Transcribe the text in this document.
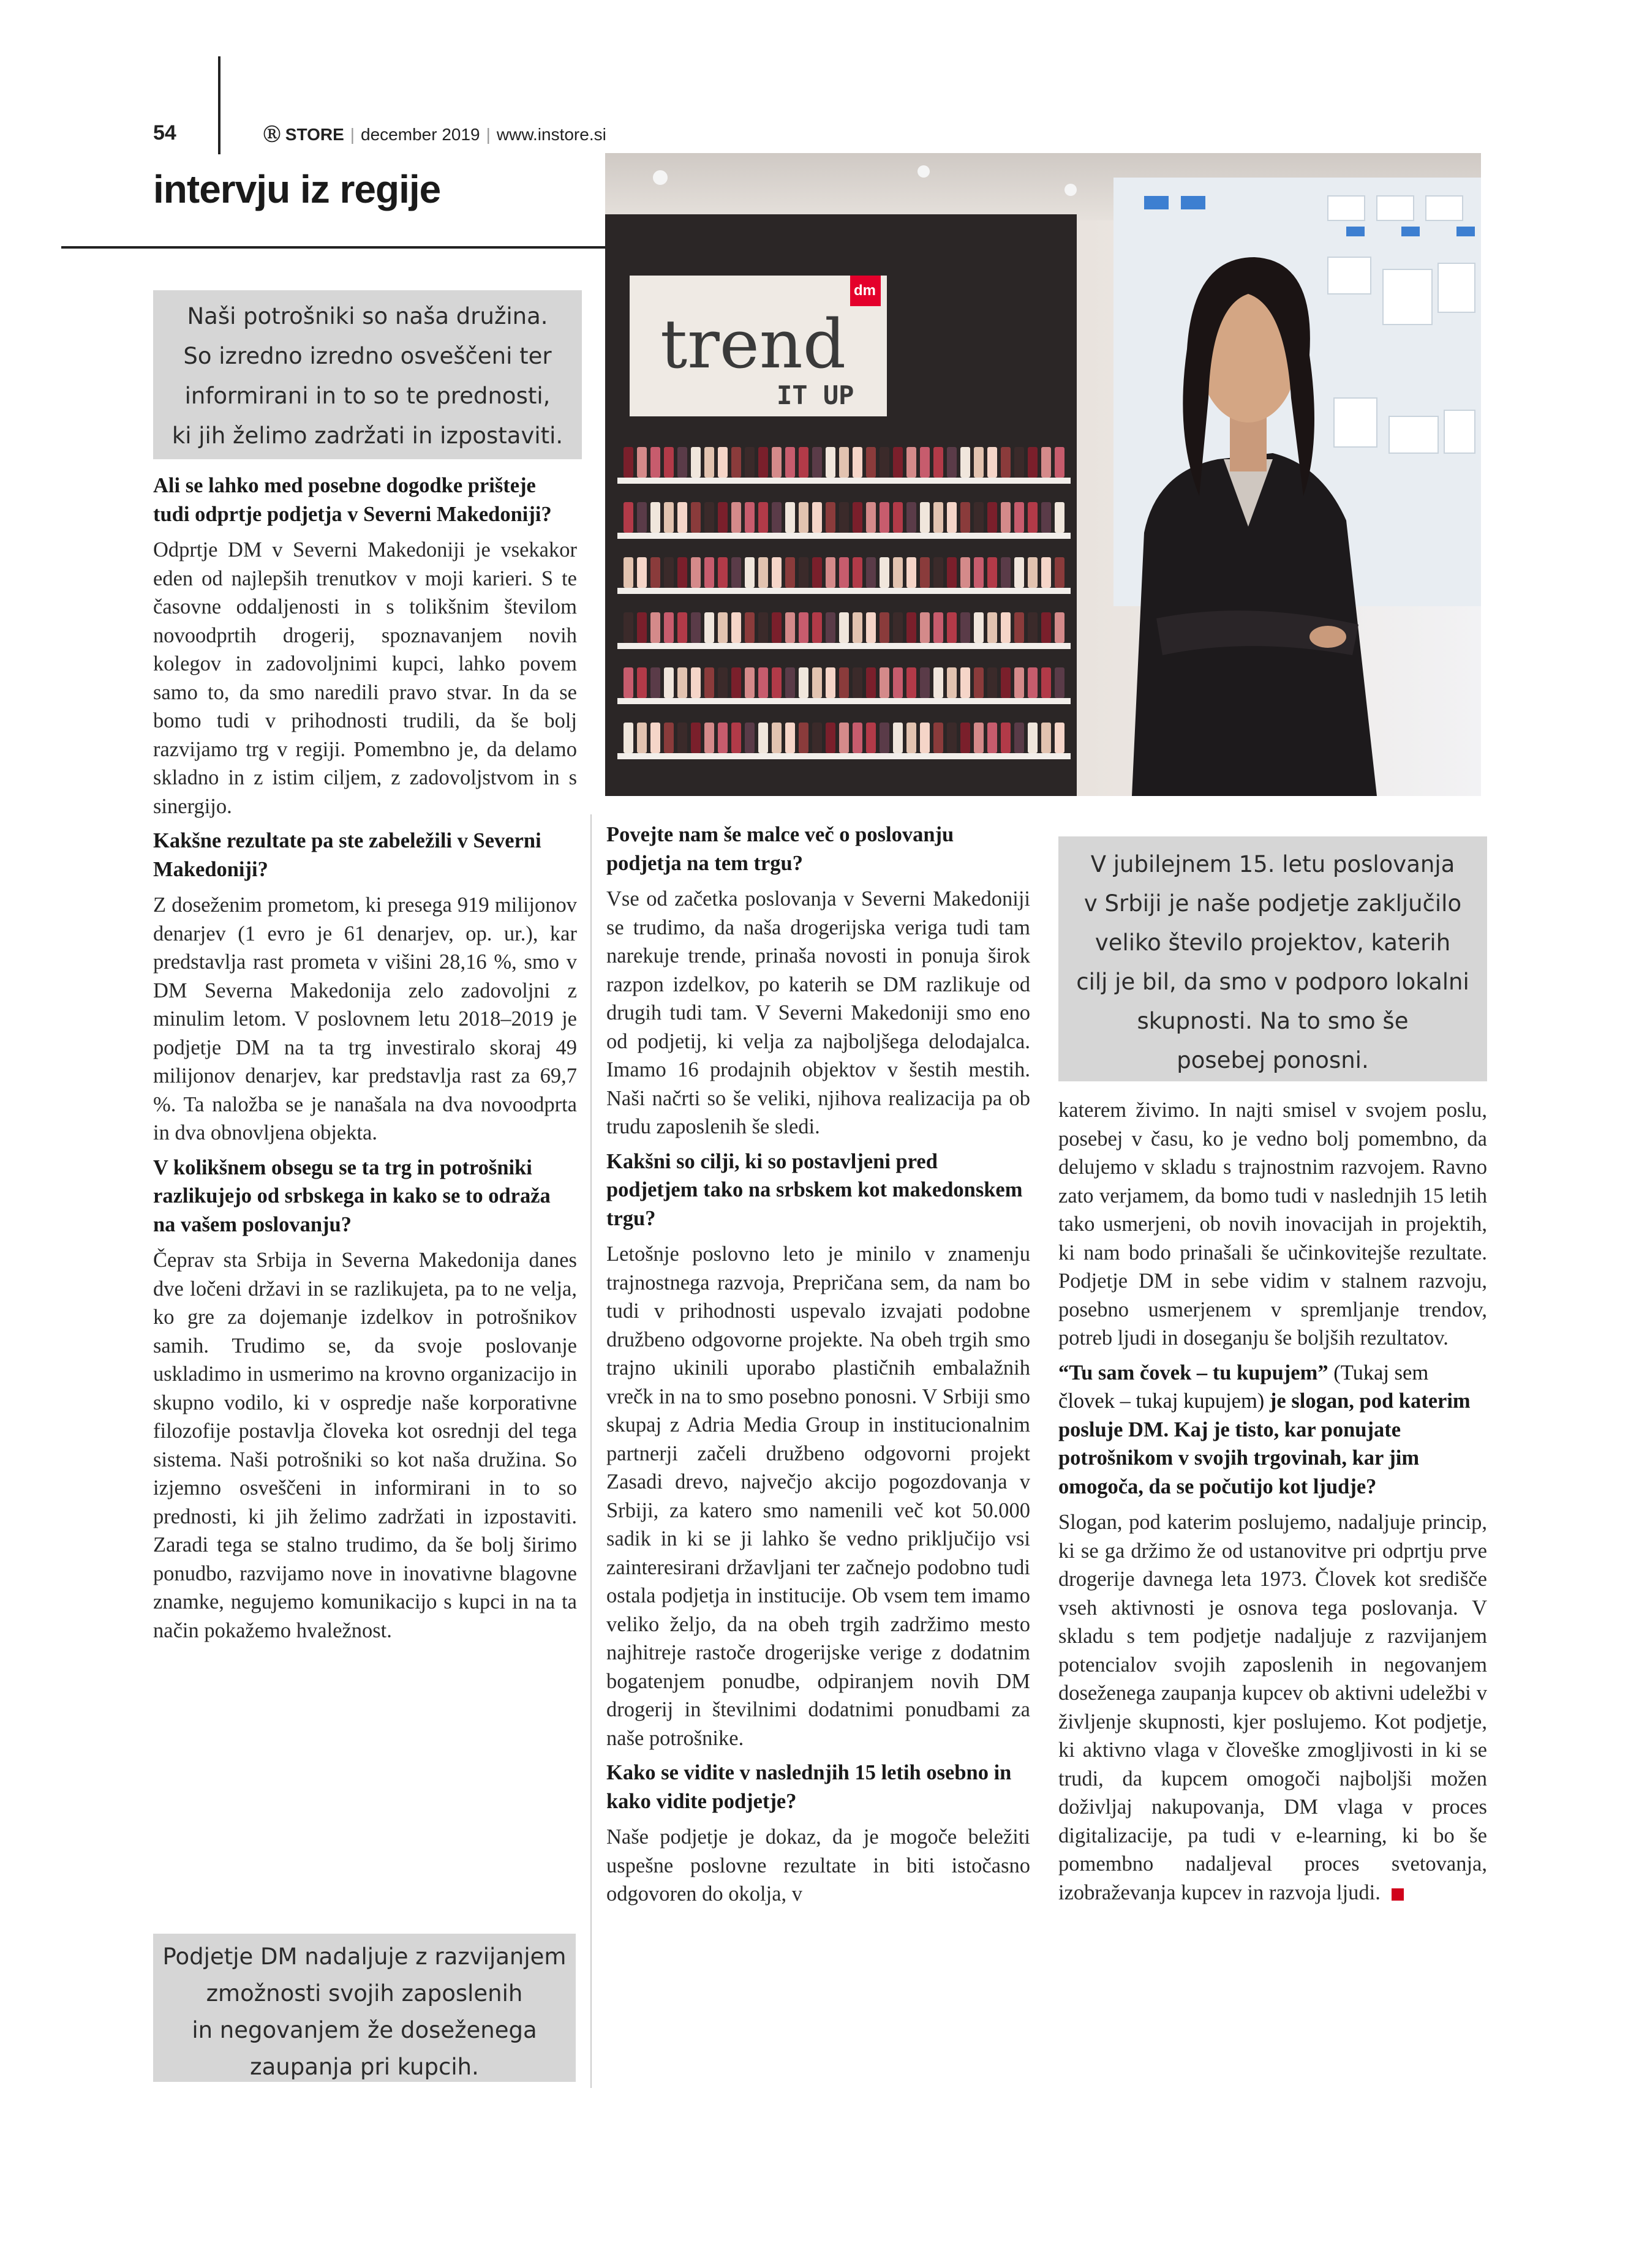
54	Ⓡ STORE | december 2019 | www.instore.si
intervju iz regije
trend
IT UP
dm
Naši potrošniki so naša družina.
So izredno izredno osveščeni ter
informirani in to so te prednosti,
ki jih želimo zadržati in izpostaviti.
Podjetje DM nadaljuje z razvijanjem
zmožnosti svojih zaposlenih
in negovanjem že doseženega
zaupanja pri kupcih.
V jubilejnem 15. letu poslovanja
v Srbiji je naše podjetje zaključilo
veliko število projektov, katerih
cilj je bil, da smo v podporo lokalni
skupnosti. Na to smo še
posebej ponosni.

Ali se lahko med posebne dogodke prišteje tudi odprtje podjetja v Severni Makedoniji?

Odprtje DM v Severni Makedoniji je vsekakor eden od najlepših trenutkov v moji karieri. S te časovne oddaljenosti in s tolikšnim številom novoodprtih drogerij, spoznavanjem novih kolegov in zadovoljnimi kupci, lahko povem samo to, da smo naredili pravo stvar. In da se bomo tudi v prihodnosti trudili, da še bolj razvijamo trg v regiji. Pomembno je, da delamo skladno in z istim ciljem, z zadovoljstvom in s sinergijo.

Kakšne rezultate pa ste zabeležili v Severni Makedoniji?

Z doseženim prometom, ki presega 919 milijonov denarjev (1 evro je 61 denarjev, op. ur.), kar predstavlja rast prometa v višini 28,16 %, smo v DM Severna Makedonija zelo zadovoljni z minulim letom. V poslovnem letu 2018–2019 je podjetje DM na ta trg investiralo skoraj 49 milijonov denarjev, kar predstavlja rast za 69,7 %. Ta naložba se je nanašala na dva novoodprta in dva obnovljena objekta.

V kolikšnem obsegu se ta trg in potrošniki razlikujejo od srbskega in kako se to odraža na vašem poslovanju?

Čeprav sta Srbija in Severna Makedonija danes dve ločeni državi in se razlikujeta, pa to ne velja, ko gre za dojemanje izdelkov in potrošnikov samih. Trudimo se, da svoje poslovanje uskladimo in usmerimo na krovno organizacijo in skupno vodilo, ki v ospredje naše korporativne filozofije postavlja človeka kot osrednji del tega sistema. Naši potrošniki so kot naša družina. So izjemno osveščeni in informirani in to so prednosti, ki jih želimo zadržati in izpostaviti. Zaradi tega se stalno trudimo, da še bolj širimo ponudbo, razvijamo nove in inovativne blagovne znamke, negujemo komunikacijo s kupci in na ta način pokažemo hvaležnost.

Povejte nam še malce več o poslovanju podjetja na tem trgu?

Vse od začetka poslovanja v Severni Makedoniji se trudimo, da naša drogerijska veriga tudi tam narekuje trende, prinaša novosti in ponuja širok razpon izdelkov, po katerih se DM razlikuje od drugih tudi tam. V Severni Makedoniji smo eno od podjetij, ki velja za najboljšega delodajalca. Imamo 16 prodajnih objektov v šestih mestih. Naši načrti so še veliki, njihova realizacija pa ob trudu zaposlenih še sledi.

Kakšni so cilji, ki so postavljeni pred podjetjem tako na srbskem kot makedonskem trgu?

Letošnje poslovno leto je minilo v znamenju trajnostnega razvoja, Prepričana sem, da nam bo tudi v prihodnosti uspevalo izvajati podobne družbeno odgovorne projekte. Na obeh trgih smo trajno ukinili uporabo plastičnih embalažnih vrečk in na to smo posebno ponosni. V Srbiji smo skupaj z Adria Media Group in institucionalnim partnerji začeli družbeno odgovorni projekt Zasadi drevo, največjo akcijo pogozdovanja v Srbiji, za katero smo namenili več kot 50.000 sadik in ki se ji lahko še vedno priključijo vsi zainteresirani državljani ter začnejo podobno tudi ostala podjetja in institucije. Ob vsem tem imamo veliko željo, da na obeh trgih zadržimo mesto najhitreje rastoče drogerijske verige z dodatnim bogatenjem ponudbe, odpiranjem novih DM drogerij in številnimi dodatnimi ponudbami za naše potrošnike.

Kako se vidite v naslednjih 15 letih osebno in kako vidite podjetje?

Naše podjetje je dokaz, da je mogoče beležiti uspešne poslovne rezultate in biti istočasno odgovoren do okolja, v

katerem živimo. In najti smisel v svojem poslu, posebej v času, ko je vedno bolj pomembno, da delujemo v skladu s trajnostnim razvojem. Ravno zato verjamem, da bomo tudi v naslednjih 15 letih tako usmerjeni, ob novih inovacijah in projektih, ki nam bodo prinašali še učinkovitejše rezultate. Podjetje DM in sebe vidim v stalnem razvoju, posebno usmerjenem v spremljanje trendov, potreb ljudi in doseganju še boljših rezultatov.

“Tu sam čovek – tu kupujem” (Tukaj sem človek – tukaj kupujem) je slogan, pod katerim posluje DM. Kaj je tisto, kar ponujate potrošnikom v svojih trgovinah, kar jim omogoča, da se počutijo kot ljudje?

Slogan, pod katerim poslujemo, nadaljuje princip, ki se ga držimo že od ustanovitve pri odprtju prve drogerije davnega leta 1973. Človek kot središče vseh aktivnosti je osnova tega poslovanja. V skladu s tem podjetje nadaljuje z razvijanjem potencialov svojih zaposlenih in negovanjem doseženega zaupanja kupcev ob aktivni udeležbi v življenje skupnosti, kjer poslujemo. Kot podjetje, ki aktivno vlaga v človeške zmogljivosti in ki se trudi, da kupcem omogoči najboljši možen doživljaj nakupovanja, DM vlaga v proces digitalizacije, pa tudi v e-learning, ki bo še pomembno nadaljeval proces svetovanja, izobraževanja kupcev in razvoja ljudi.
